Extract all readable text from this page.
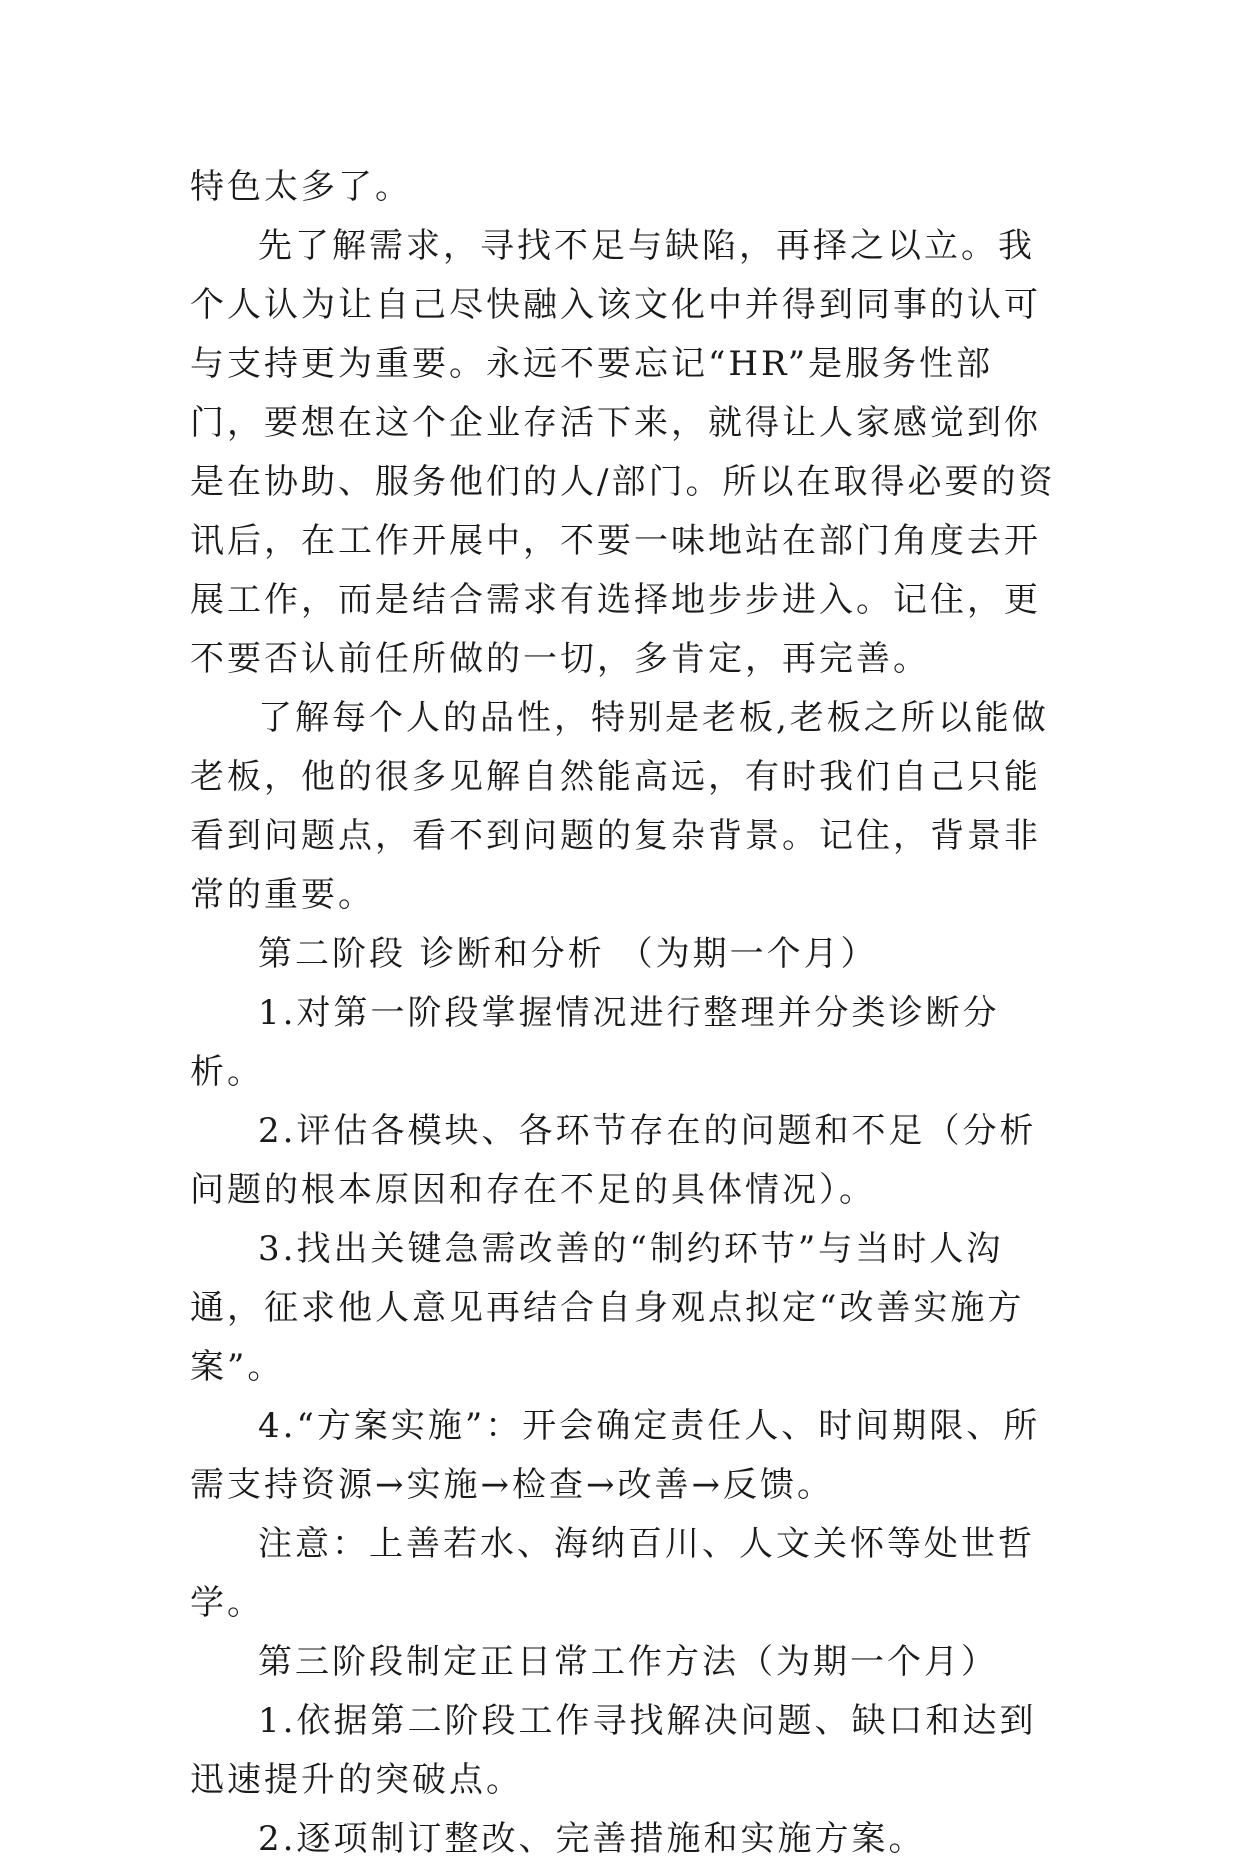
特色太多了。

先了解需求，寻找不足与缺陷，再择之以立。我个人认为让自己尽快融入该文化中并得到同事的认可与支持更为重要。永远不要忘记“HR”是服务性部门，要想在这个企业存活下来，就得让人家感觉到你是在协助、服务他们的人/部门。所以在取得必要的资讯后，在工作开展中，不要一味地站在部门角度去开展工作，而是结合需求有选择地步步进入。记住，更不要否认前任所做的一切，多肯定，再完善。

了解每个人的品性，特别是老板,老板之所以能做老板，他的很多见解自然能高远，有时我们自己只能看到问题点，看不到问题的复杂背景。记住，背景非常的重要。

第二阶段 诊断和分析 （为期一个月）

1.对第一阶段掌握情况进行整理并分类诊断分析。

2.评估各模块、各环节存在的问题和不足（分析问题的根本原因和存在不足的具体情况）。

3.找出关键急需改善的“制约环节”与当时人沟通，征求他人意见再结合自身观点拟定“改善实施方案”。

4.“方案实施”：开会确定责任人、时间期限、所需支持资源→实施→检查→改善→反馈。

注意：上善若水、海纳百川、人文关怀等处世哲学。

第三阶段制定正日常工作方法（为期一个月）

1.依据第二阶段工作寻找解决问题、缺口和达到迅速提升的突破点。

2.逐项制订整改、完善措施和实施方案。
